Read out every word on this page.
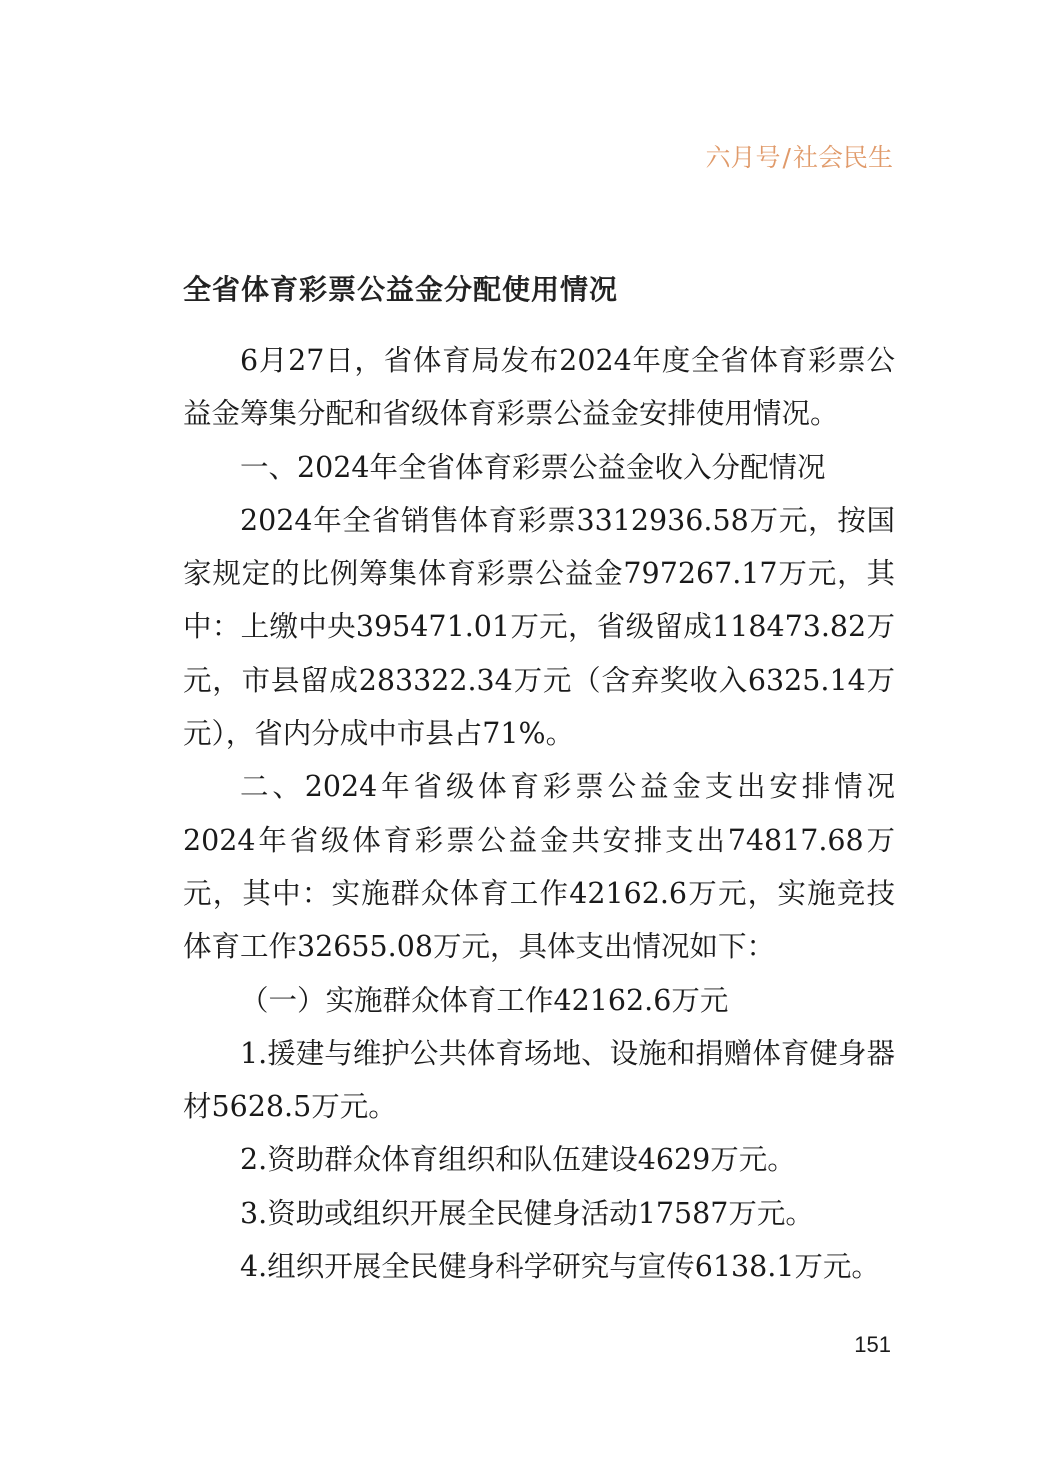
六月号/社会民生
全省体育彩票公益金分配使用情况

6月27日，省体育局发布2024年度全省体育彩票公益金筹集分配和省级体育彩票公益金安排使用情况。

一、2024年全省体育彩票公益金收入分配情况

2024年全省销售体育彩票3312936.58万元，按国家规定的比例筹集体育彩票公益金797267.17万元，其中：上缴中央395471.01万元，省级留成118473.82万元，市县留成283322.34万元（含弃奖收入6325.14万元），省内分成中市县占71%。

二、2024年省级体育彩票公益金支出安排情况2024年省级体育彩票公益金共安排支出74817.68万元，其中：实施群众体育工作42162.6万元，实施竞技体育工作32655.08万元，具体支出情况如下：

（一）实施群众体育工作42162.6万元

1.援建与维护公共体育场地、设施和捐赠体育健身器材5628.5万元。

2.资助群众体育组织和队伍建设4629万元。

3.资助或组织开展全民健身活动17587万元。

4.组织开展全民健身科学研究与宣传6138.1万元。

151
